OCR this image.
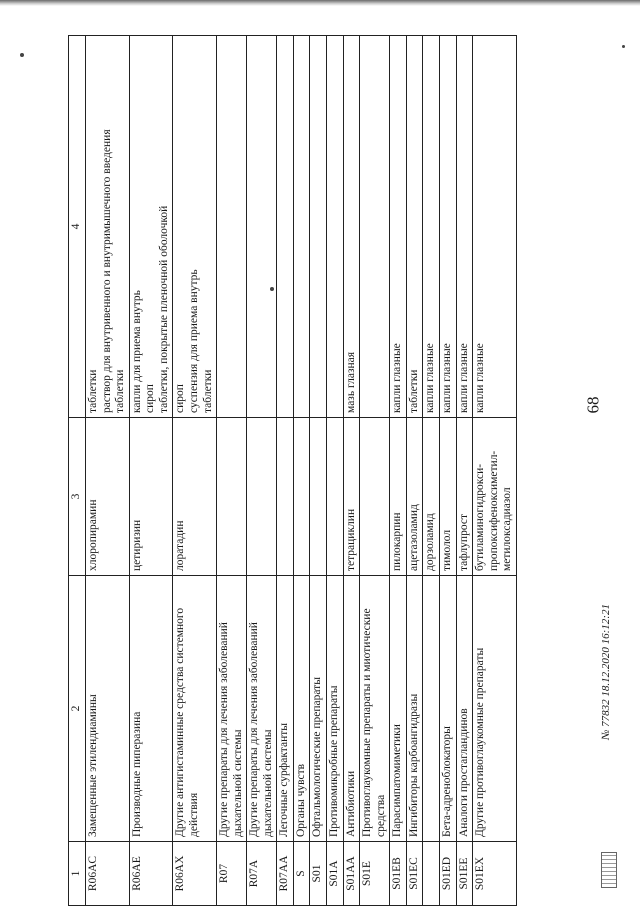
68
1	2	3	4
R06AC	Замещенные этилендиамины	хлоропирамин	таблетки раствор для внутривенного и внутримышечного введения таблетки

R06AE	Производные пиперазина	цетиризин	капли для приема внутрь сироп таблетки, покрытые пленочной оболочкой

R06AX	Другие антигистаминные средства системного действия	лоратадин	сироп суспензия для приема внутрь таблетки

R07	Другие препараты для лечения заболеваний дыхательной системы		
R07A	Другие препараты для лечения заболеваний дыхательной системы		
R07AA	Легочные сурфактанты		
S	Органы чувств		
S01	Офтальмологические препараты		
S01A	Противомикробные препараты		
S01AA	Антибиотики	тетрациклин	мазь глазная

S01E	Противоглаукомные препараты и миотические средства		
S01EB	Парасимпатомиметики	пилокарпин	капли глазные

S01EC	Ингибиторы карбоангидразы	ацетазоламид	таблетки

		дорзоламид	капли глазные

S01ED	Бета-адреноблокаторы	тимолол	капли глазные

S01EE	Аналоги простагландинов	тафлупрост	капли глазные

S01EX	Другие противоглаукомные препараты	бутиламиногидрокси-пропоксифеноксиметил-метилоксадиазол	капли глазные
№ 77832 18.12.2020 16:12:21
